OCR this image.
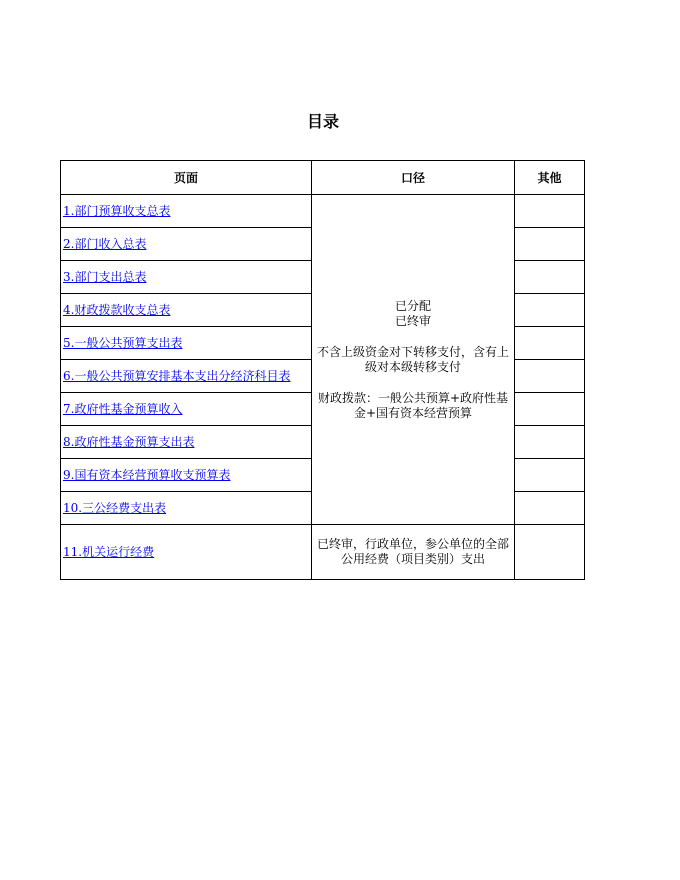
目录
页面	口径	其他
1.部门预算收支总表	已分配
已终审
不含上级资金对下转移支付，含有上级对本级转移支付
财政拨款：一般公共预算+政府性基金+国有资本经营预算	

2.部门收入总表		
3.部门支出总表		
4.财政拨款收支总表		
5.一般公共预算支出表		
6.一般公共预算安排基本支出分经济科目表		
7.政府性基金预算收入		
8.政府性基金预算支出表		
9.国有资本经营预算收支预算表		
10.三公经费支出表		
11.机关运行经费	已终审，行政单位，参公单位的全部公用经费（项目类别）支出	
